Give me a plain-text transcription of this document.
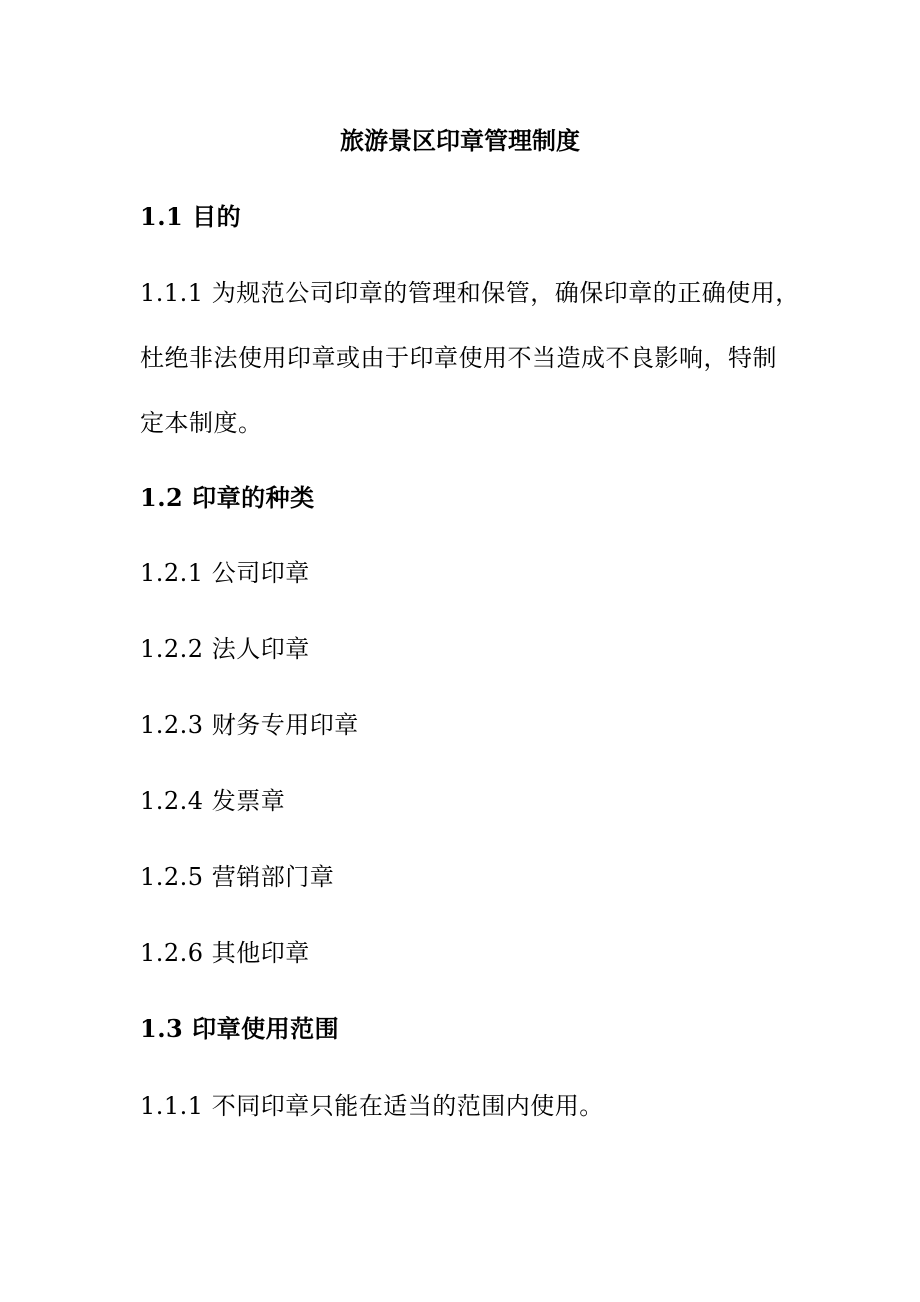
旅游景区印章管理制度
1.1 目的
1.1.1 为规范公司印章的管理和保管，确保印章的正确使用，
杜绝非法使用印章或由于印章使用不当造成不良影响，特制
定本制度。
1.2 印章的种类
1.2.1 公司印章
1.2.2 法人印章
1.2.3 财务专用印章
1.2.4 发票章
1.2.5 营销部门章
1.2.6 其他印章
1.3 印章使用范围
1.1.1 不同印章只能在适当的范围内使用。
